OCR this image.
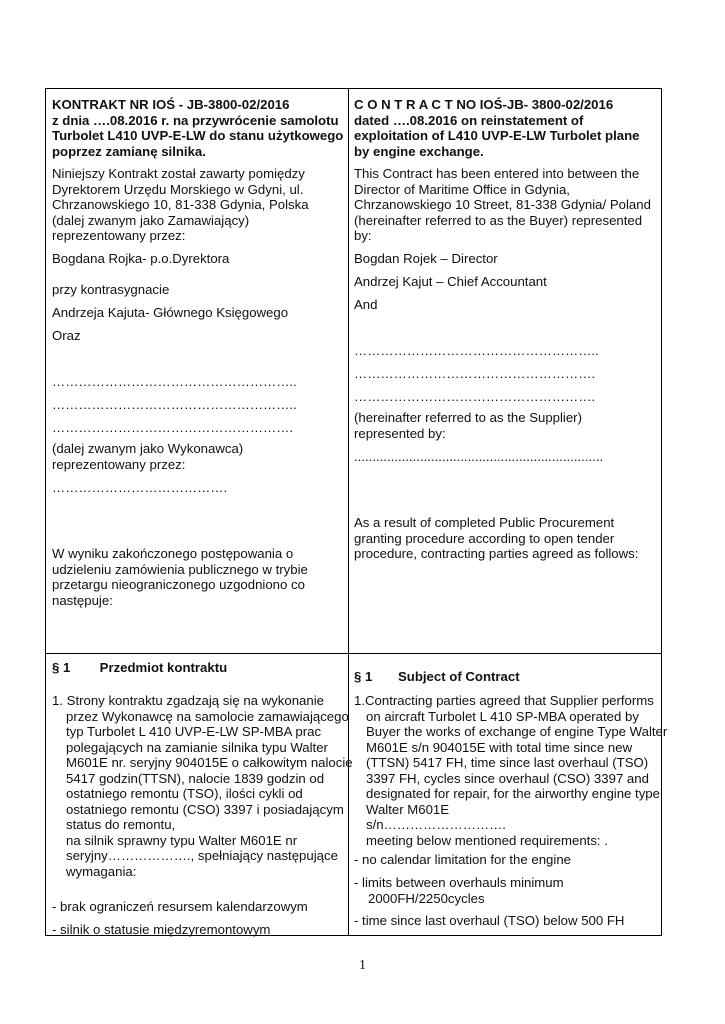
KONTRAKT NR IOŚ - JB-3800-02/2016
z dnia ….08.2016 r. na przywrócenie samolotu Turbolet L410 UVP-E-LW do stanu użytkowego poprzez zamianę silnika.

Niniejszy Kontrakt został zawarty pomiędzy Dyrektorem Urzędu Morskiego w Gdyni, ul. Chrzanowskiego 10, 81-338 Gdynia, Polska (dalej zwanym jako Zamawiający)
reprezentowany przez:

Bogdana Rojka- p.o.Dyrektora

przy kontrasygnacie

Andrzeja Kajuta- Głównego Księgowego

Oraz

………………………………………………..

………………………………………………..

……………………………………………….

(dalej zwanym jako Wykonawca)
reprezentowany przez:

………………………………….

W wyniku zakończonego postępowania o udzieleniu zamówienia publicznego w trybie przetargu nieograniczonego uzgodniono co następuje:

§ 1        Przedmiot kontraktu

1. Strony kontraktu zgadzają się na wykonanie przez Wykonawcę na samolocie zamawiającego typ Turbolet L 410 UVP-E-LW SP-MBA prac polegających na zamianie silnika typu Walter M601E nr. seryjny 904015E o całkowitym nalocie 5417 godzin(TTSN), nalocie 1839 godzin od ostatniego remontu (TSO), ilości cykli od ostatniego remontu (CSO) 3397 i posiadającym status do remontu,
na silnik sprawny typu Walter M601E nr seryjny………………., spełniający następujące wymagania:

- brak ograniczeń resursem kalendarzowym

- silnik o statusie międzyremontowym

C O N T R A C T NO IOŚ-JB- 3800-02/2016
dated ….08.2016 on reinstatement of exploitation of L410 UVP-E-LW Turbolet plane by engine exchange.

This Contract has been entered into between the Director of Maritime Office in Gdynia, Chrzanowskiego 10 Street, 81-338 Gdynia/ Poland (hereinafter referred to as the Buyer) represented by:

Bogdan Rojek – Director

Andrzej Kajut – Chief Accountant

And

………………………………………………..

……………………………………………….

……………………………………………….

(hereinafter referred to as the Supplier)
represented by:

....................................................................

As a result of completed Public Procurement granting procedure according to open tender procedure, contracting parties agreed as follows:

§ 1       Subject of Contract

1.Contracting parties agreed that Supplier performs on aircraft Turbolet L 410 SP-MBA operated by Buyer the works of exchange of engine Type Walter M601E s/n 904015E with total time since new (TTSN) 5417 FH, time since last overhaul (TSO) 3397 FH, cycles since overhaul (CSO) 3397 and designated for repair, for the airworthy engine type Walter M601E
s/n……………………….
meeting below mentioned requirements: .

- no calendar limitation for the engine

- limits between overhauls minimum 2000FH/2250cycles

- time since last overhaul (TSO) below 500 FH

1
